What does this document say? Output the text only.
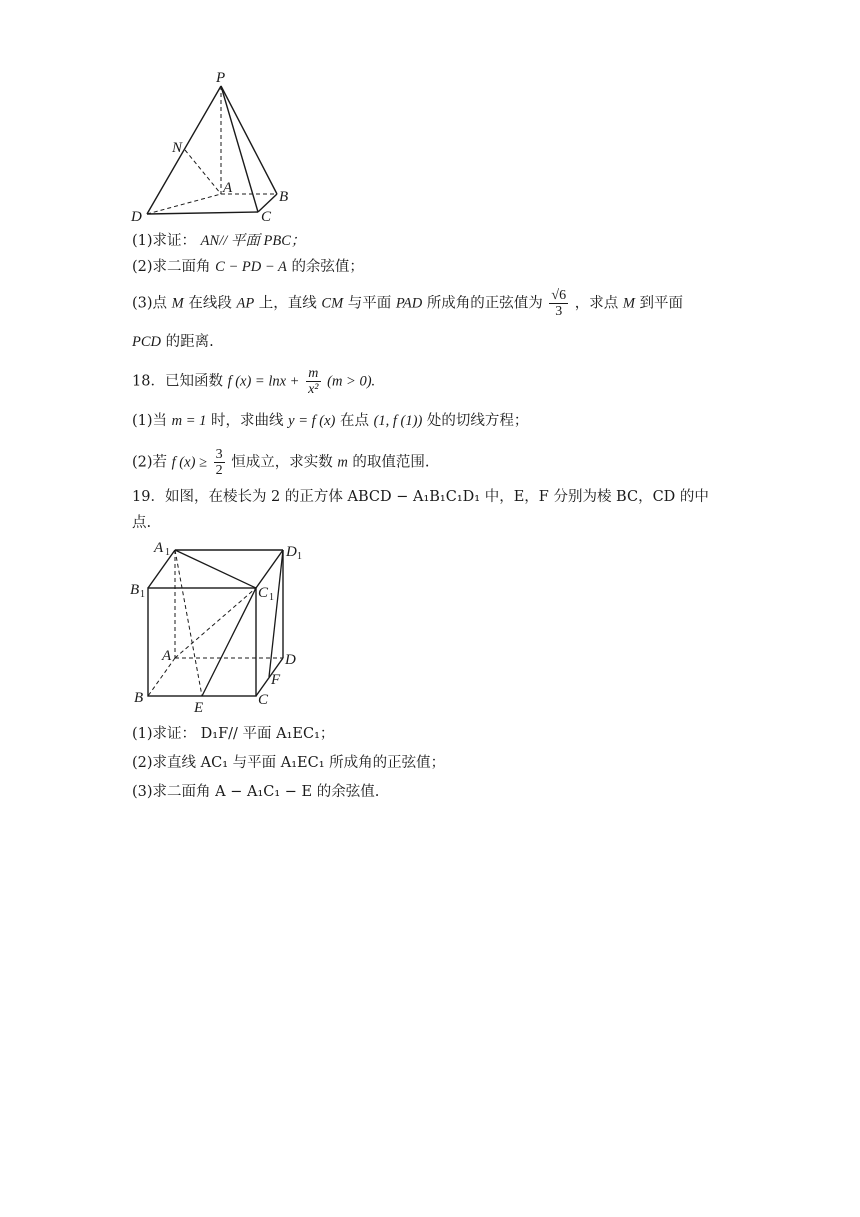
P
N
A
B
C
D
(1)求证： AN// 平面 PBC；
(2)求二面角 C − PD − A 的余弦值；
(3)点 M 在线段 AP 上，直线 CM 与平面 PAD 所成角的正弦值为 $\frac{√6}{3}$ ，求点 M 到平面
PCD 的距离.
18．已知函数 f $(x) = \ln x + \frac{m}{\text{x²}} (m > 0)$.
(1)当 m = 1 时，求曲线 y = f (x) 在点 (1, f (1)) 处的切线方程；
(2)若 f $(x) \ge \frac{3}{2}$ 恒成立，求实数 m 的取值范围.
19．如图，在棱长为 2 的正方体 ABCD − A₁B₁C₁D₁ 中，E，F 分别为棱 BC，CD 的中
点.
A 1	D 1
B 1	C 1
A	D
F
B	C
E
(1)求证： D₁F// 平面 A₁EC₁；
(2)求直线 AC₁ 与平面 A₁EC₁ 所成角的正弦值；
(3)求二面角 A − A₁C₁ − E 的余弦值.
